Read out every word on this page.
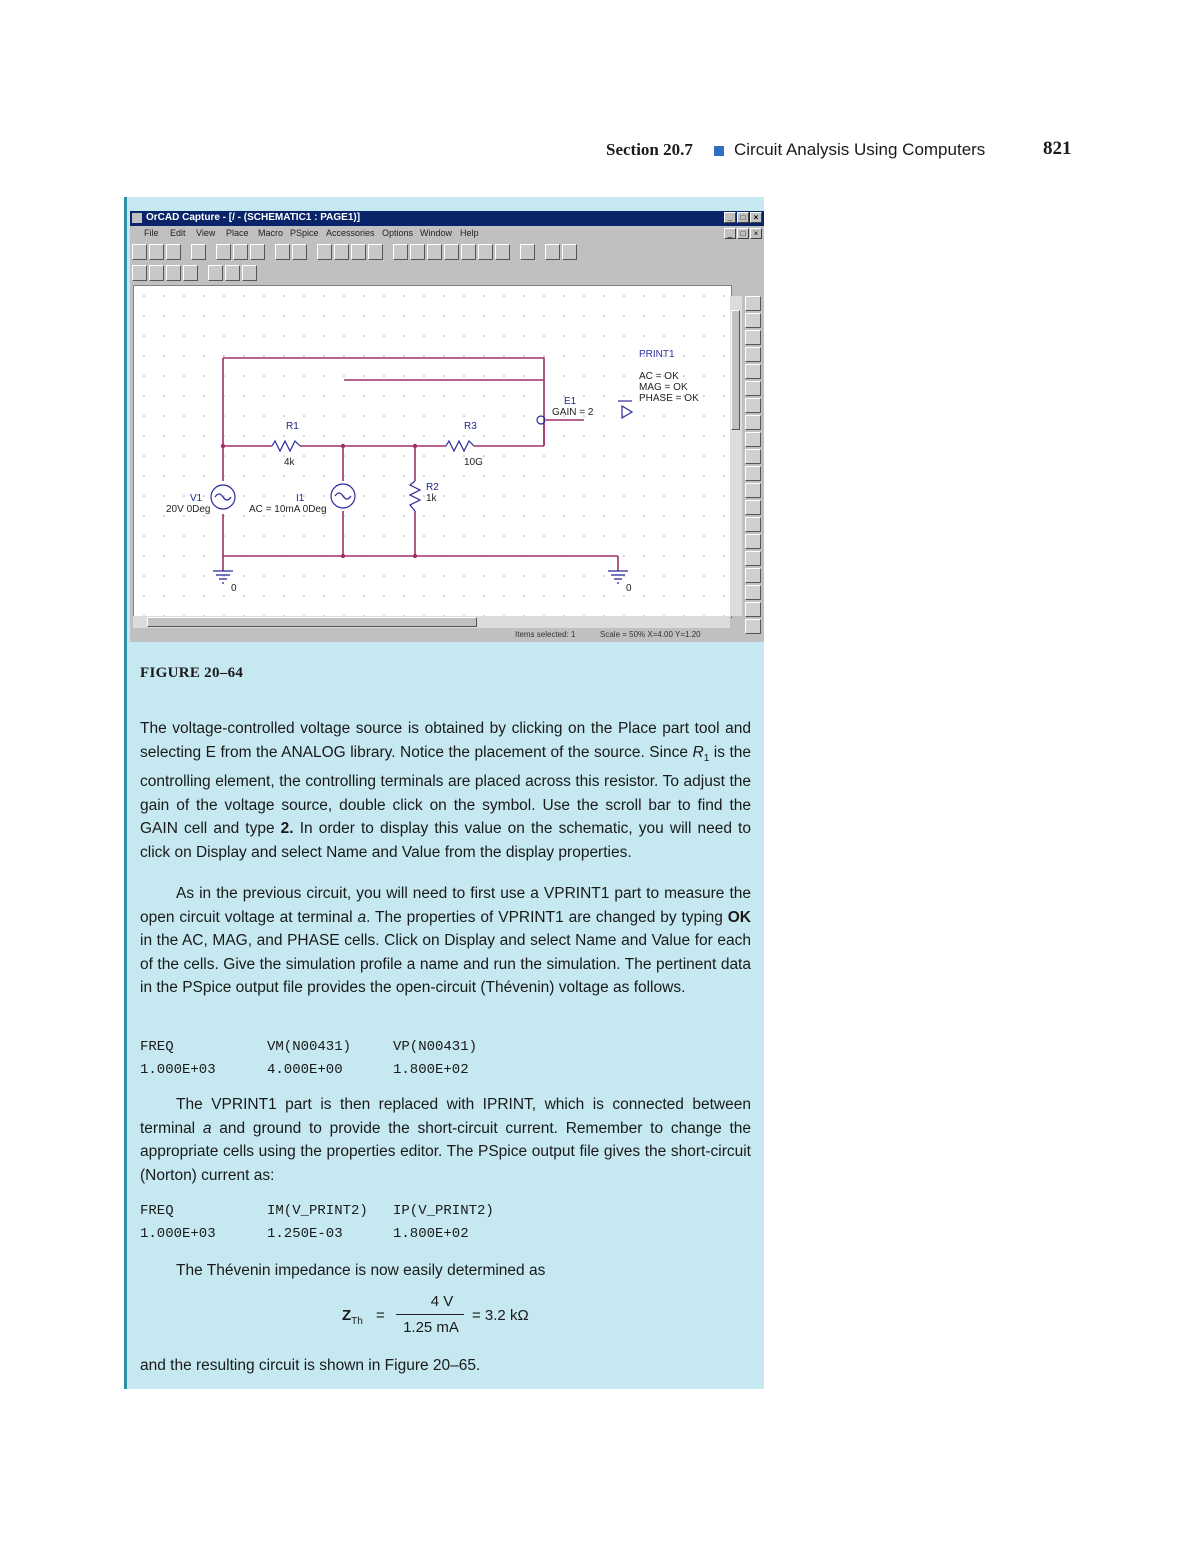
Section 20.7 Circuit Analysis Using Computers	821
OrCAD Capture - [/ - (SCHEMATIC1 : PAGE1)]	_	□	×
File Edit View Place Macro PSpice Accessories Options Window Help	_	□	×
R1
4k
R3
10G
R2
1k
V1
20V 0Deg
I1
AC = 10mA 0Deg
E1
GAIN = 2
PRINT1
AC = OK
MAG = OK
PHASE = OK
0	0
Items selected: 1	Scale = 50% X=4.00 Y=1.20
FIGURE 20–64

The voltage-controlled voltage source is obtained by clicking on the Place part tool and selecting E from the ANALOG library. Notice the placement of the source. Since $R_1$ is the controlling element, the controlling terminals are placed across this resistor. To adjust the gain of the voltage source, double click on the symbol. Use the scroll bar to find the GAIN cell and type 2. In order to display this value on the schematic, you will need to click on Display and select Name and Value from the display properties.

As in the previous circuit, you will need to first use a VPRINT1 part to measure the open circuit voltage at terminal a. The properties of VPRINT1 are changed by typing OK in the AC, MAG, and PHASE cells. Click on Display and select Name and Value for each of the cells. Give the simulation profile a name and run the simulation. The pertinent data in the PSpice output file provides the open-circuit (Thévenin) voltage as follows.

FREQ	VM(N00431)	VP(N00431)
1.000E+03	4.000E+00	1.800E+02

The VPRINT1 part is then replaced with IPRINT, which is connected between terminal a and ground to provide the short-circuit current. Remember to change the appropriate cells using the properties editor. The PSpice output file gives the short-circuit (Norton) current as:

FREQ	IM(V_PRINT2) IP(V_PRINT2)
1.000E+03	1.250E-03	1.800E+02

The Thévenin impedance is now easily determined as

$Z_{Th}$ =
4 V
1.25 mA
= 3.2 kΩ

and the resulting circuit is shown in Figure 20–65.
